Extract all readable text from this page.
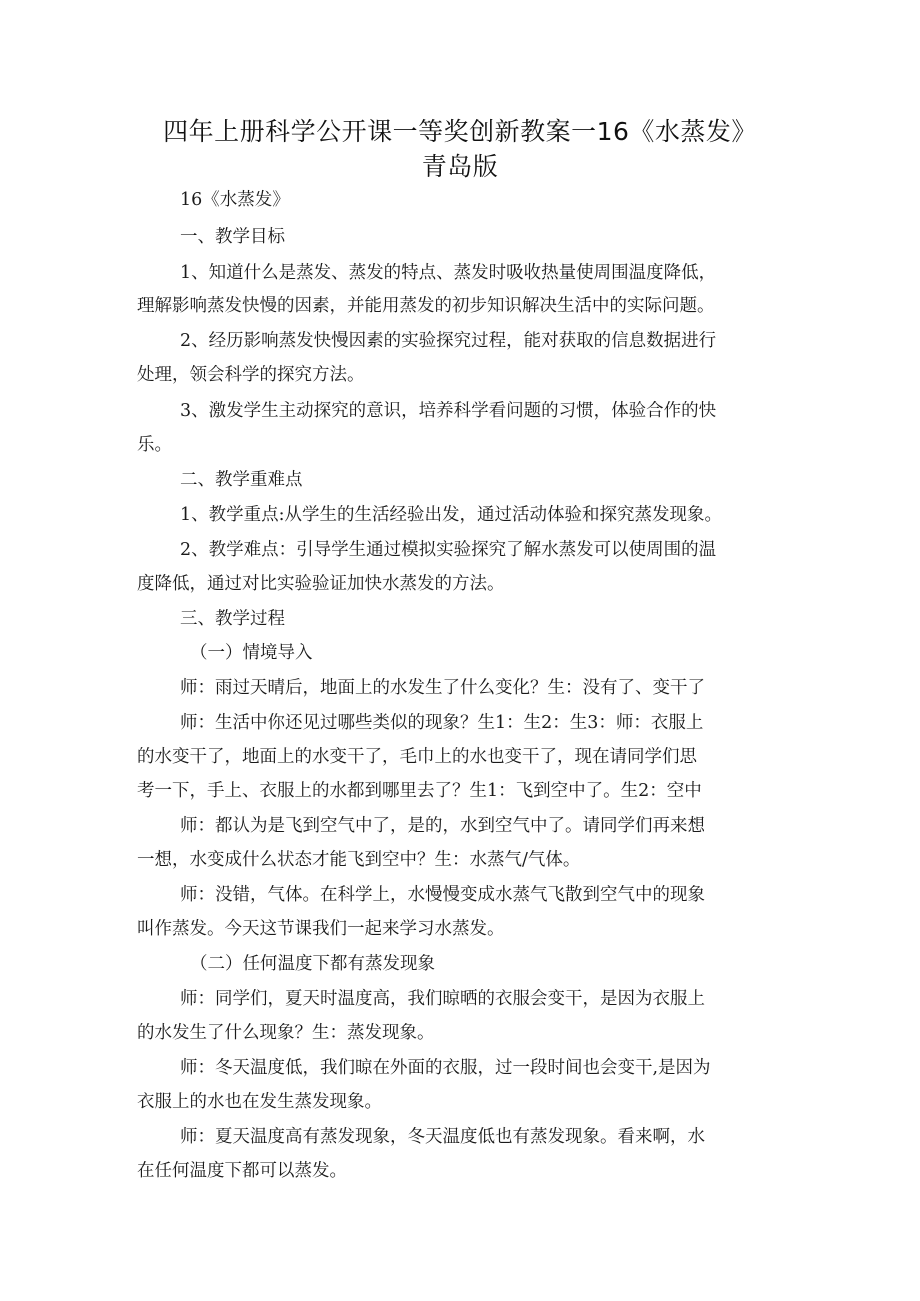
四年上册科学公开课一等奖创新教案一16《水蒸发》
青岛版
16《水蒸发》
一、教学目标
1、知道什么是蒸发、蒸发的特点、蒸发时吸收热量使周围温度降低，
理解影响蒸发快慢的因素，并能用蒸发的初步知识解决生活中的实际问题。
2、经历影响蒸发快慢因素的实验探究过程，能对获取的信息数据进行
处理，领会科学的探究方法。
3、激发学生主动探究的意识，培养科学看问题的习惯，体验合作的快
乐。
二、教学重难点
1、教学重点:从学生的生活经验出发，通过活动体验和探究蒸发现象。
2、教学难点：引导学生通过模拟实验探究了解水蒸发可以使周围的温
度降低，通过对比实验验证加快水蒸发的方法。
三、教学过程
（一）情境导入
师：雨过天晴后，地面上的水发生了什么变化？生：没有了、变干了
师：生活中你还见过哪些类似的现象？生1：生2：生3：师：衣服上
的水变干了，地面上的水变干了，毛巾上的水也变干了，现在请同学们思
考一下，手上、衣服上的水都到哪里去了？生1：飞到空中了。生2：空中
师：都认为是飞到空气中了，是的，水到空气中了。请同学们再来想
一想，水变成什么状态才能飞到空中？生：水蒸气/气体。
师：没错，气体。在科学上，水慢慢变成水蒸气飞散到空气中的现象
叫作蒸发。今天这节课我们一起来学习水蒸发。
（二）任何温度下都有蒸发现象
师：同学们，夏天时温度高，我们晾晒的衣服会变干，是因为衣服上
的水发生了什么现象？生：蒸发现象。
师：冬天温度低，我们晾在外面的衣服，过一段时间也会变干,是因为
衣服上的水也在发生蒸发现象。
师：夏天温度高有蒸发现象，冬天温度低也有蒸发现象。看来啊，水
在任何温度下都可以蒸发。
